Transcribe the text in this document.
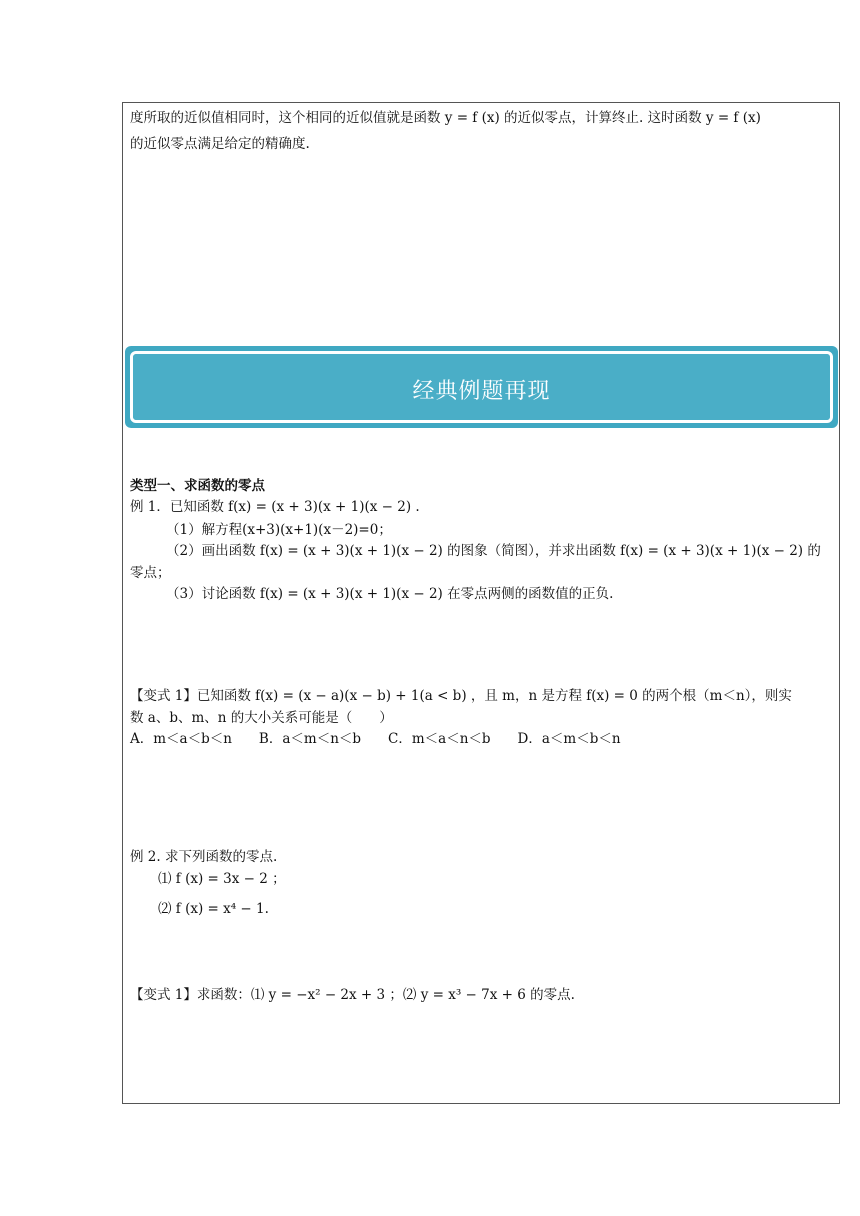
度所取的近似值相同时，这个相同的近似值就是函数 y = f (x) 的近似零点，计算终止. 这时函数 y = f (x)
的近似零点满足给定的精确度.
经典例题再现
类型一、求函数的零点
例 1．已知函数 f(x) = (x + 3)(x + 1)(x − 2) .
（1）解方程(x+3)(x+1)(x－2)=0；
（2）画出函数 f(x) = (x + 3)(x + 1)(x − 2) 的图象（简图），并求出函数 f(x) = (x + 3)(x + 1)(x − 2) 的
零点；
（3）讨论函数 f(x) = (x + 3)(x + 1)(x − 2) 在零点两侧的函数值的正负.
【变式 1】已知函数 f(x) = (x − a)(x − b) + 1(a < b) ，且 m，n 是方程 f(x) = 0 的两个根（m＜n），则实
数 a、b、m、n 的大小关系可能是（　　）
A．m＜a＜b＜n　　B．a＜m＜n＜b　　C．m＜a＜n＜b　　D．a＜m＜b＜n
例 2. 求下列函数的零点.
⑴ f (x) = 3x − 2 ；
⑵ f (x) = x⁴ − 1.
【变式 1】求函数：⑴ y = −x² − 2x + 3 ；⑵ y = x³ − 7x + 6 的零点.
